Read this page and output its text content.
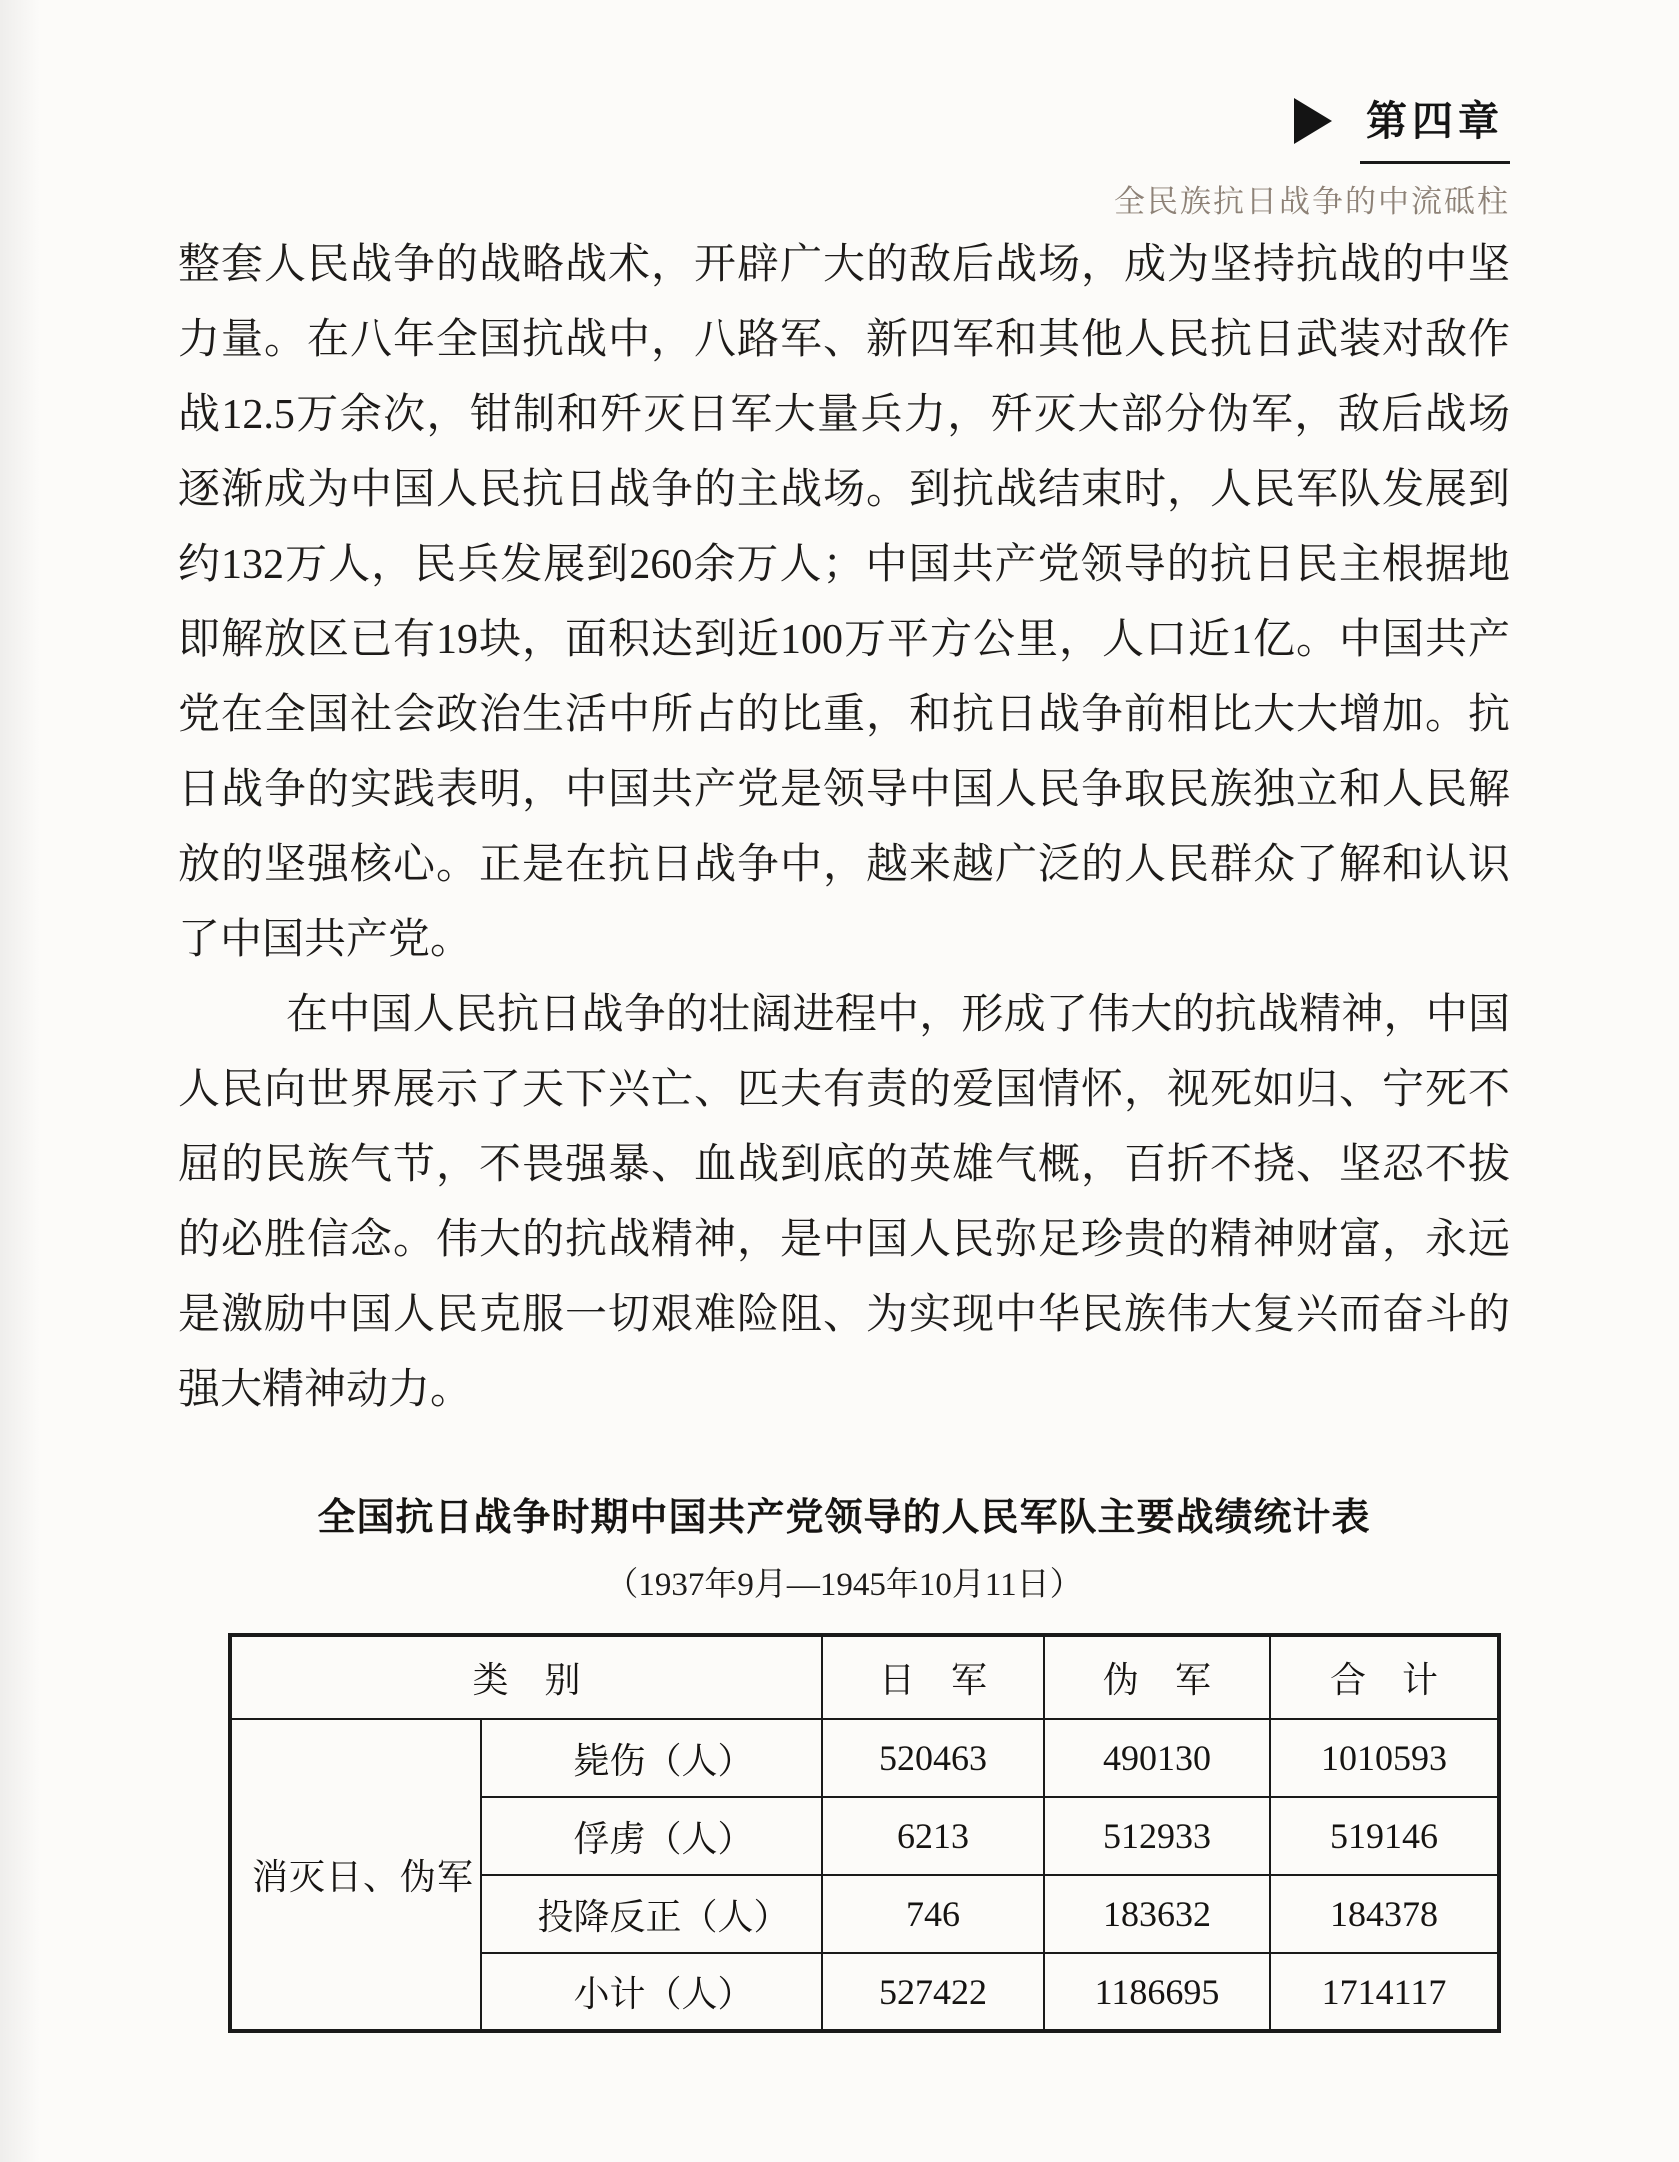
第四章
全民族抗日战争的中流砥柱

整套人民战争的战略战术，开辟广大的敌后战场，成为坚持抗战的中坚力量。在八年全国抗战中，八路军、新四军和其他人民抗日武装对敌作战12.5万余次，钳制和歼灭日军大量兵力，歼灭大部分伪军，敌后战场逐渐成为中国人民抗日战争的主战场。到抗战结束时，人民军队发展到约132万人，民兵发展到260余万人；中国共产党领导的抗日民主根据地即解放区已有19块，面积达到近100万平方公里，人口近1亿。中国共产党在全国社会政治生活中所占的比重，和抗日战争前相比大大增加。抗日战争的实践表明，中国共产党是领导中国人民争取民族独立和人民解放的坚强核心。正是在抗日战争中，越来越广泛的人民群众了解和认识了中国共产党。

在中国人民抗日战争的壮阔进程中，形成了伟大的抗战精神，中国人民向世界展示了天下兴亡、匹夫有责的爱国情怀，视死如归、宁死不屈的民族气节，不畏强暴、血战到底的英雄气概，百折不挠、坚忍不拔的必胜信念。伟大的抗战精神，是中国人民弥足珍贵的精神财富，永远是激励中国人民克服一切艰难险阻、为实现中华民族伟大复兴而奋斗的强大精神动力。

全国抗日战争时期中国共产党领导的人民军队主要战绩统计表
（1937年9月—1945年10月11日）
类　别		日　军	伪　军	合　计
消灭日、伪军	毙伤（人）	520463	490130	1010593
	俘虏（人）	6213	512933	519146
	投降反正（人）	746	183632	184378
	小计（人）	527422	1186695	1714117
